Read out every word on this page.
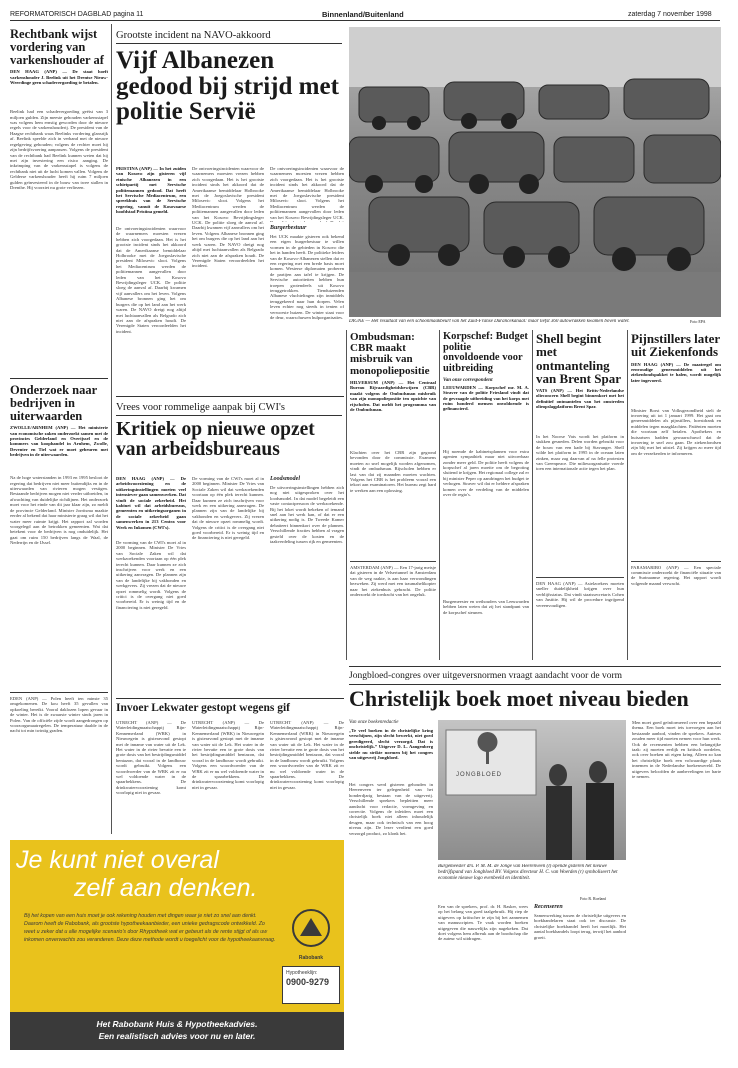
REFORMATORISCH DAGBLAD pagina 11	Binnenland/Buitenland	zaterdag 7 november 1998
Rechtbank wijst vordering van varkenshouder af
DEN HAAG (ANP) — De staat hoeft varkenshouder J. Beelink uit het Drentse Nieuw-Weerdinge geen schadevergoeding te betalen.
Beelink had een schadevergoeding geëist van 3 miljoen gulden. Zijn meeste gehouden varkensstapel was volgens hem ernstig geworden door de nieuwe regels voor de varkenshouderij. De president van de Haagse rechtbank waas Beelinks vordering glansrijk af. Beelink speelde zich in verband met de nieuwe regelgeving gehouden; volgens de rechter moet hij zijn bedrijfsvoering aanpassen. Volgens de president van de rechtbank had Beelink kunnen weten dat hij met zijn investering een risico aanging. De inkrimping van de varkensstapel is volgens de rechtbank niet uit de lucht komen vallen. Volgens de Gelderse varkenshouder heeft hij ruim 7 miljoen gulden geïnvesteerd in de bouw van twee stallen in Drenthe. Hij voorziet nu grote verliezen.
Onderzoek naar bedrijven in uiterwaarden
ZWOLLE/ARNHEM (ANP) — Het ministerie van economische zaken onderzoekt samen met de provincies Gelderland en Overijssel en de kommers van koophandel in Arnhem, Zwolle, Deventer en Tiel wat er moet gebeuren met bedrijven in de uiterwaarden.
Na de hoge waterstanden in 1993 en 1995 besloot de regering dat bedrijven niet meer buitendijks en in de uiterwaarden van rivieren mogen vestigen. Bestaande bedrijven mogen niet verder uitbreiden, in afwachting van duidelijke richtlijnen. Het onderzoek moet voor het einde van dit jaar klaar zijn, zo meldt de provincie Gelderland. Minister Jorritsma maakte eerder al bekend dat haar ministerie graag wil dat het water meer ruimte krijgt. Het rapport zal worden voorgelegd aan de betrokken gemeenten. Wat dat betekent voor de bedrijven is nog onduidelijk. Het gaat om ruim 150 bedrijven langs de Waal, de Nederrijn en de IJssel.
EDEN (ANP) — Polen heeft ten minste 35 omgekomenen. De kou heeft 35 gevallen van opkoeling bereikt. Vooral daklozen lopen gevaar in de winter. Het is de zwaarste winter sinds jaren in Polen. Van de officiële zijde wordt aangedrongen op voorzorgsmaatregelen. De temperatuur daalde in de nacht tot min twintig graden.
Grootste incident na NAVO-akkoord
Vijf Albanezen gedood bij strijd met politie Servië
PRISTINA (ANP) — In het zuiden van Kosovo zijn gisteren vijf etnische Albanezen in een schietpartij met Servische politiemannen gedood. Dat heeft het Servische Mediacentrum, een spreekbuis van de Servische regering, vanuit de Kosovaarse hoofdstad Pristina gemeld.
De ontvoeringsincidenten waarvoor de waarnemers moesten vrezen hebben zich voorgedaan. Het is het grootste incident sinds het akkoord dat de Amerikaanse bemiddelaar Holbrooke met de Joegoslavische president Milosevic sloot. Volgens het Mediacentrum werden de politiemannen aangevallen door leden van het Kosovo Bevrijdingsleger UCK. De politie sloeg de aanval af. Daarbij kwamen vijf aanvallers om het leven. Volgens Albanese bronnen ging het om burgers die op het land aan het werk waren. De NAVO dreigt nog altijd met luchtaanvallen als Belgrado zich niet aan de afspraken houdt. De Verenigde Staten veroordeelden het incident.
De ontvoeringsincidenten waarvoor de waarnemers moesten vrezen hebben zich voorgedaan. Het is het grootste incident sinds het akkoord dat de Amerikaanse bemiddelaar Holbrooke met de Joegoslavische president Milosevic sloot. Volgens het Mediacentrum werden de politiemannen aangevallen door leden van het Kosovo Bevrijdingsleger UCK. De politie sloeg de aanval af. Daarbij kwamen vijf aanvallers om het leven. Volgens Albanese bronnen ging het om burgers die op het land aan het werk waren. De NAVO dreigt nog altijd met luchtaanvallen als Belgrado zich niet aan de afspraken houdt. De Verenigde Staten veroordeelden het incident.
De ontvoeringsincidenten waarvoor de waarnemers moesten vrezen hebben zich voorgedaan. Het is het grootste incident sinds het akkoord dat de Amerikaanse bemiddelaar Holbrooke met de Joegoslavische president Milosevic sloot. Volgens het Mediacentrum werden de politiemannen aangevallen door leden van het Kosovo Bevrijdingsleger UCK.
Burgerbestuur
Het UCK maakte gisteren ook bekend een eigen burgerbestuur te willen vormen in de gebieden in Kosovo die het in handen heeft. De politieke leiders van de Kosovo-Albanezen stellen dat er een regering met een brede basis moet komen. Westerse diplomaten proberen de partijen aan tafel te krijgen. De Servische autoriteiten hebben hun troepen grotendeels uit Kosovo teruggetrokken. Tienduizenden Albanese vluchtelingen zijn inmiddels teruggekeerd naar hun dorpen. Velen leven echter nog steeds in tenten of verwoeste huizen. De winter staat voor de deur, waarschuwen hulporganisaties.
DIGNE — Het resultaat van een schoonmaakbeurt van het Zuid-Franse Durancekanaal: maar liefst 360 autowrakken kwamen boven water.	Foto EPA
Vrees voor rommelige aanpak bij CWI's
Kritiek op nieuwe opzet van arbeidsbureaus
DEN HAAG (ANP) — De arbeidsvoorziening en de uitkeringsinstellingen moeten veel intensiever gaan samenwerken. Dat vindt de sociale zekerheid. Het kabinet wil dat arbeidsbureaus, gemeenten en uitkeringsorganen in de sociale zekerheid gaan samenwerken in 213 Centra voor Werk en Inkomen (CWI's).
De vorming van de CWI's moet al in 2000 beginnen. Minister De Vries van Sociale Zaken wil dat werkzoekenden voortaan op één plek terecht kunnen. Daar kunnen ze zich inschrijven voor werk en een uitkering aanvragen. De plannen zijn van de landelijke bij vakbonden en werkgevers. Zij vrezen dat de nieuwe opzet rommelig wordt. Volgens de critici is de overgang niet goed voorbereid. Er is weinig tijd en de financiering is niet geregeld.
De vorming van de CWI's moet al in 2000 beginnen. Minister De Vries van Sociale Zaken wil dat werkzoekenden voortaan op één plek terecht kunnen. Daar kunnen ze zich inschrijven voor werk en een uitkering aanvragen. De plannen zijn van de landelijke bij vakbonden en werkgevers. Zij vrezen dat de nieuwe opzet rommelig wordt. Volgens de critici is de overgang niet goed voorbereid. Er is weinig tijd en de financiering is niet geregeld.
Loodsmodel
De uitvoeringsinstellingen hebben zich nog niet uitgesproken over het loodsmodel. In dat model begeleidt een vaste contactpersoon de werkzoekende. Bij het loket wordt bekeken of iemand snel aan het werk kan, of dat er een uitkering nodig is. De Tweede Kamer debatteert binnenkort over de plannen. Verschillende fracties hebben al vragen gesteld over de kosten en de taakverdeling tussen rijk en gemeenten.
Invoer Lekwater gestopt wegens gif
UTRECHT (ANP) — De Waterleidingmaatschappij Rijn-Kennemerland (WRK) in Nieuwegein is gisteravond gestopt met de inname van water uit de Lek. Het water in de rivier bevatte een te grote dosis van het bestrijdingsmiddel bentazon, dat vooral in de landbouw wordt gebruikt. Volgens een woordvoerder van de WRK zit er nu wel voldoende water in de spaarbekkens. De drinkwatervoorziening komt voorlopig niet in gevaar.
UTRECHT (ANP) — De Waterleidingmaatschappij Rijn-Kennemerland (WRK) in Nieuwegein is gisteravond gestopt met de inname van water uit de Lek. Het water in de rivier bevatte een te grote dosis van het bestrijdingsmiddel bentazon, dat vooral in de landbouw wordt gebruikt. Volgens een woordvoerder van de WRK zit er nu wel voldoende water in de spaarbekkens. De drinkwatervoorziening komt voorlopig niet in gevaar.
UTRECHT (ANP) — De Waterleidingmaatschappij Rijn-Kennemerland (WRK) in Nieuwegein is gisteravond gestopt met de inname van water uit de Lek. Het water in de rivier bevatte een te grote dosis van het bestrijdingsmiddel bentazon, dat vooral in de landbouw wordt gebruikt. Volgens een woordvoerder van de WRK zit er nu wel voldoende water in de spaarbekkens. De drinkwatervoorziening komt voorlopig niet in gevaar.
Ombudsman: CBR maakt misbruik van monopoliepositie
HILVERSUM (ANP) — Het Centraal Bureau Rijvaardigheidsbewijzen (CBR) maakt volgens de Ombudsman misbruik van zijn monopoliepositie ten opzichte van rijscholen. Dat meldt het programma van de Ombudsman.
Klachten over het CBR zijn gegrond bevonden door de commissie. Examens moeten zo snel mogelijk worden afgenomen, vindt de ombudsman. Rijscholen hebben er last van dat zij maanden moeten wachten. Volgens het CBR is het probleem vooral een tekort aan examinatoren. Het bureau zegt hard te werken aan een oplossing.
AMSTERDAM (ANP) — Een 17-jarig meisje dat gisteren in de Velsertunnel in Amsterdam van de weg raakte, is aan haar verwondingen bezweken. Zij werd met een traumahelikopter naar het ziekenhuis gebracht. De politie onderzoekt de toedracht van het ongeluk.
Korpschef: Budget politie onvoldoende voor uitbreiding
Van onze correspondent
LEEUWARDEN — Korpschef mr. M. A. Straver van de politie Friesland vindt dat de gevraagde uitbreiding van het korps met ruim honderd mensen onvoldoende is gefinancierd.
Hij noemde de kabinetsplannen voor extra agenten sympathiek maar niet uitvoerbaar zonder meer geld. De politie heeft volgens de korpschef al jaren moeite om de begroting sluitend te krijgen. Het regionaal college zal er bij minister Peper op aandringen het budget te verhogen. Straver wil dat er heldere afspraken komen over de verdeling van de middelen over de regio's.
Burgemeester en wethouders van Leeuwarden hebben laten weten dat zij het standpunt van de korpschef steunen.
Shell begint met ontmanteling van Brent Spar
VATS (ANP) — Het Britts-Nederlandse olieconcern Shell begint binnenkort met het definitief ontmantelen van het omstreden olieopslagplatform Brent Spar.
In het Noorse Vats wordt het platform in stukken gesneden. Delen worden gebruikt voor de bouw van een kade bij Stavanger. Shell wilde het platform in 1995 in de oceaan laten zinken, maar zag daarvan af na felle protesten van Greenpeace. Die milieuorganisatie voerde toen een internationale actie tegen het plan.
DEN HAAG (ANP) — Asielzoekers moeten sneller duidelijkheid krijgen over hun verblijfsstatus. Dat vindt staatssecretaris Cohen van Justitie. Hij wil de procedure ingrijpend vereenvoudigen.
Pijnstillers later uit Ziekenfonds
DEN HAAG (ANP) — De maatregel om eenvoudige geneesmiddelen uit het ziekenfondspakket te halen, wordt mogelijk later ingevoerd.
Minister Borst van Volksgezondheid stelt de invoering uit tot 1 januari 1999. Het gaat om geneesmiddelen als pijnstillers, hoestdrank en middelen tegen maagklachten. Patiënten moeten die voortaan zelf betalen. Apothekers en huisartsen hadden gewaarschuwd dat de invoering te snel zou gaan. De ziekenfondsen zijn blij met het uitstel. Zij krijgen zo meer tijd om de verzekerden te informeren.
PARAMARIBO (ANP) — Een speciale commissie onderzoekt de financiële situatie van de Surinaamse regering. Het rapport wordt volgende maand verwacht.
Jongbloed-congres over uitgeversnormen vraagt aandacht voor de vorm
Christelijk boek moet niveau bieden
Van onze boekenredactie
„Te veel boeken in de christelijke kring verschijnen, zijn slecht bewerkt, niet goed geredigeerd, slecht verzorgd. Dat is onchristelijk.” Uitgever D. L. Aangenberg stelde nu strikte normen bij het congres van uitgeverij Jongbloed.
Het congres werd gisteren gehouden in Heerenveen ter gelegenheid van het honderdjarig bestaan van de uitgeverij. Verschillende sprekers bepleitten meer aandacht voor redactie, vormgeving en correctie. Volgens de inleiders moet een christelijk boek niet alleen inhoudelijk deugen, maar ook technisch van een hoog niveau zijn. De lezer verdient een goed verzorgd product, zo klonk het.
JONGBLOED
Burgemeester drs. P. M. M. de Jonge van Heerenveen (l) opende gisteren het nieuwe bedrijfspand van Jongbloed BV. Volgens directeur H. C. van Woerden (r) symboliseert het economie nieuwe logo evenbeeld en identiteit.
Foto R. Roeland
Een van de sprekers, prof. dr. H. Rasker, wees op het belang van goed taalgebruik. Hij riep de uitgevers op kritischer te zijn bij het aannemen van manuscripten. Te vaak worden boeken uitgegeven die nauwelijks zijn nagekeken. Dat doet volgens hem afbreuk aan de boodschap die de auteur wil uitdragen.
Recenseren
Samenwerking tussen de christelijke uitgevers en boekhandelaren staat ook ter discussie. De christelijke boekhandel heeft het moeilijk. Het aantal boekhandels loopt terug, terwijl het aanbod groeit.
Men moet goed geïnformeerd over een bepaald thema. Een boek moet iets toevoegen aan het bestaande aanbod, vinden de sprekers. Auteurs zouden meer tijd moeten nemen voor hun werk. Ook de recensenten hebben een belangrijke taak: zij moeten eerlijk en kritisch oordelen, ook over boeken uit eigen kring. Alleen zo kan het christelijke boek een volwaardige plaats innemen in de Nederlandse boekenwereld. De uitgevers beloofden de aanbevelingen ter harte te nemen.
Je kunt niet overal
zelf aan denken.
Bij het kopen van een huis moet je ook rekening houden met dingen waar je niet zo snel aan denkt. Daarom heeft de Rabobank, als grootste hypotheekaanbieder, een unieke gedragscode ontwikkeld. Zo weet u zeker dat u alle mogelijke scenario's door Rhypotheek wat er gebeurt als de rente stijgt of als uw inkomen onverwachts zou veranderen. Deze deze methode wordt u toegelicht voor de hypotheekaanvraag.
Rabobank
Hypotheeklijn:
0900-9279
Het Rabobank Huis & Hypotheekadvies.
Een realistisch advies voor nu en later.
